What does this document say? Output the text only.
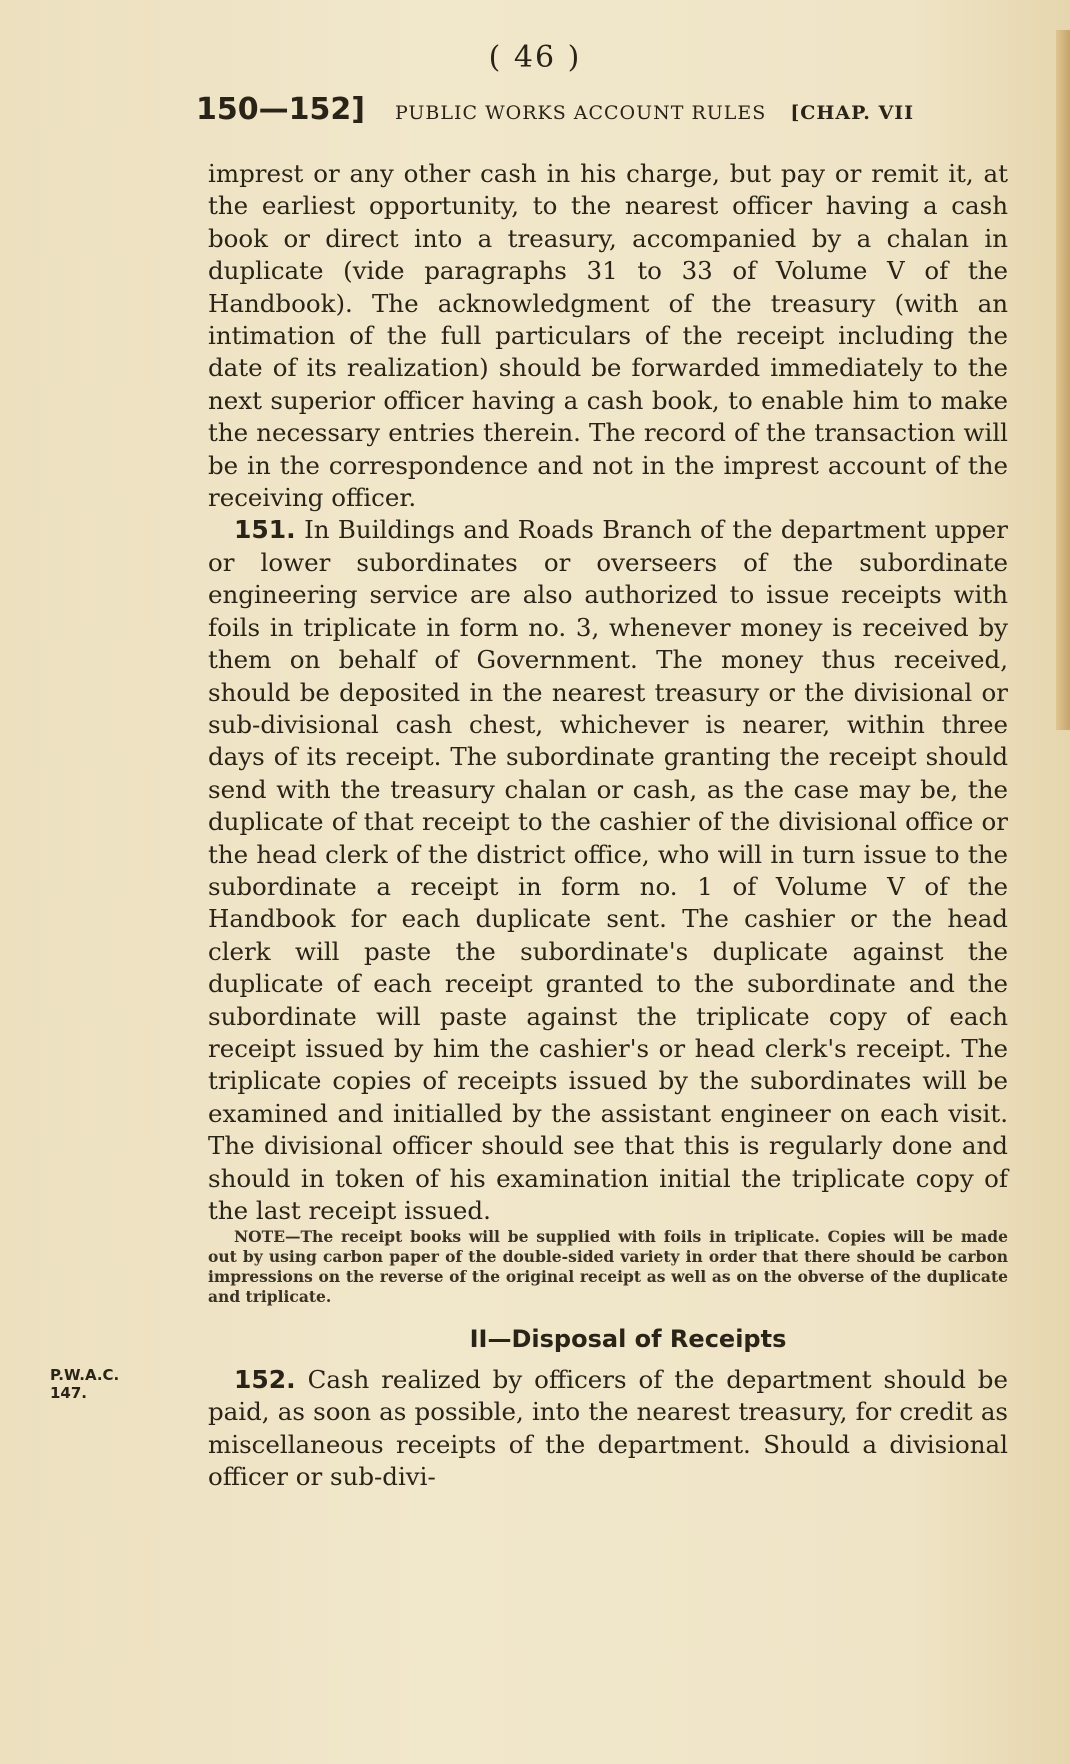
( 46 )
150—152] PUBLIC WORKS ACCOUNT RULES [CHAP. VII

imprest or any other cash in his charge, but pay or remit it, at the earliest opportunity, to the nearest officer having a cash book or direct into a treasury, accompanied by a chalan in duplicate (vide paragraphs 31 to 33 of Volume V of the Handbook). The acknowledgment of the treasury (with an intimation of the full particulars of the receipt including the date of its realization) should be forwarded immediately to the next superior officer having a cash book, to enable him to make the necessary entries therein. The record of the transaction will be in the correspondence and not in the imprest account of the receiving officer.

151. In Buildings and Roads Branch of the department upper or lower subordinates or overseers of the subordinate engineering service are also authorized to issue receipts with foils in triplicate in form no. 3, whenever money is received by them on behalf of Government. The money thus received, should be deposited in the nearest treasury or the divisional or sub-divisional cash chest, whichever is nearer, within three days of its receipt. The subordinate granting the receipt should send with the treasury chalan or cash, as the case may be, the duplicate of that receipt to the cashier of the divisional office or the head clerk of the district office, who will in turn issue to the subordinate a receipt in form no. 1 of Volume V of the Handbook for each duplicate sent. The cashier or the head clerk will paste the subordinate's duplicate against the duplicate of each receipt granted to the subordinate and the subordinate will paste against the triplicate copy of each receipt issued by him the cashier's or head clerk's receipt. The triplicate copies of receipts issued by the subordinates will be examined and initialled by the assistant engineer on each visit. The divisional officer should see that this is regularly done and should in token of his examination initial the triplicate copy of the last receipt issued.

NOTE—The receipt books will be supplied with foils in triplicate. Copies will be made out by using carbon paper of the double-sided variety in order that there should be carbon impressions on the reverse of the original receipt as well as on the obverse of the duplicate and triplicate.

II—Disposal of Receipts

152. Cash realized by officers of the department should be paid, as soon as possible, into the nearest treasury, for credit as miscellaneous receipts of the department. Should a divisional officer or sub-divi-

P.W.A.C.
147.
